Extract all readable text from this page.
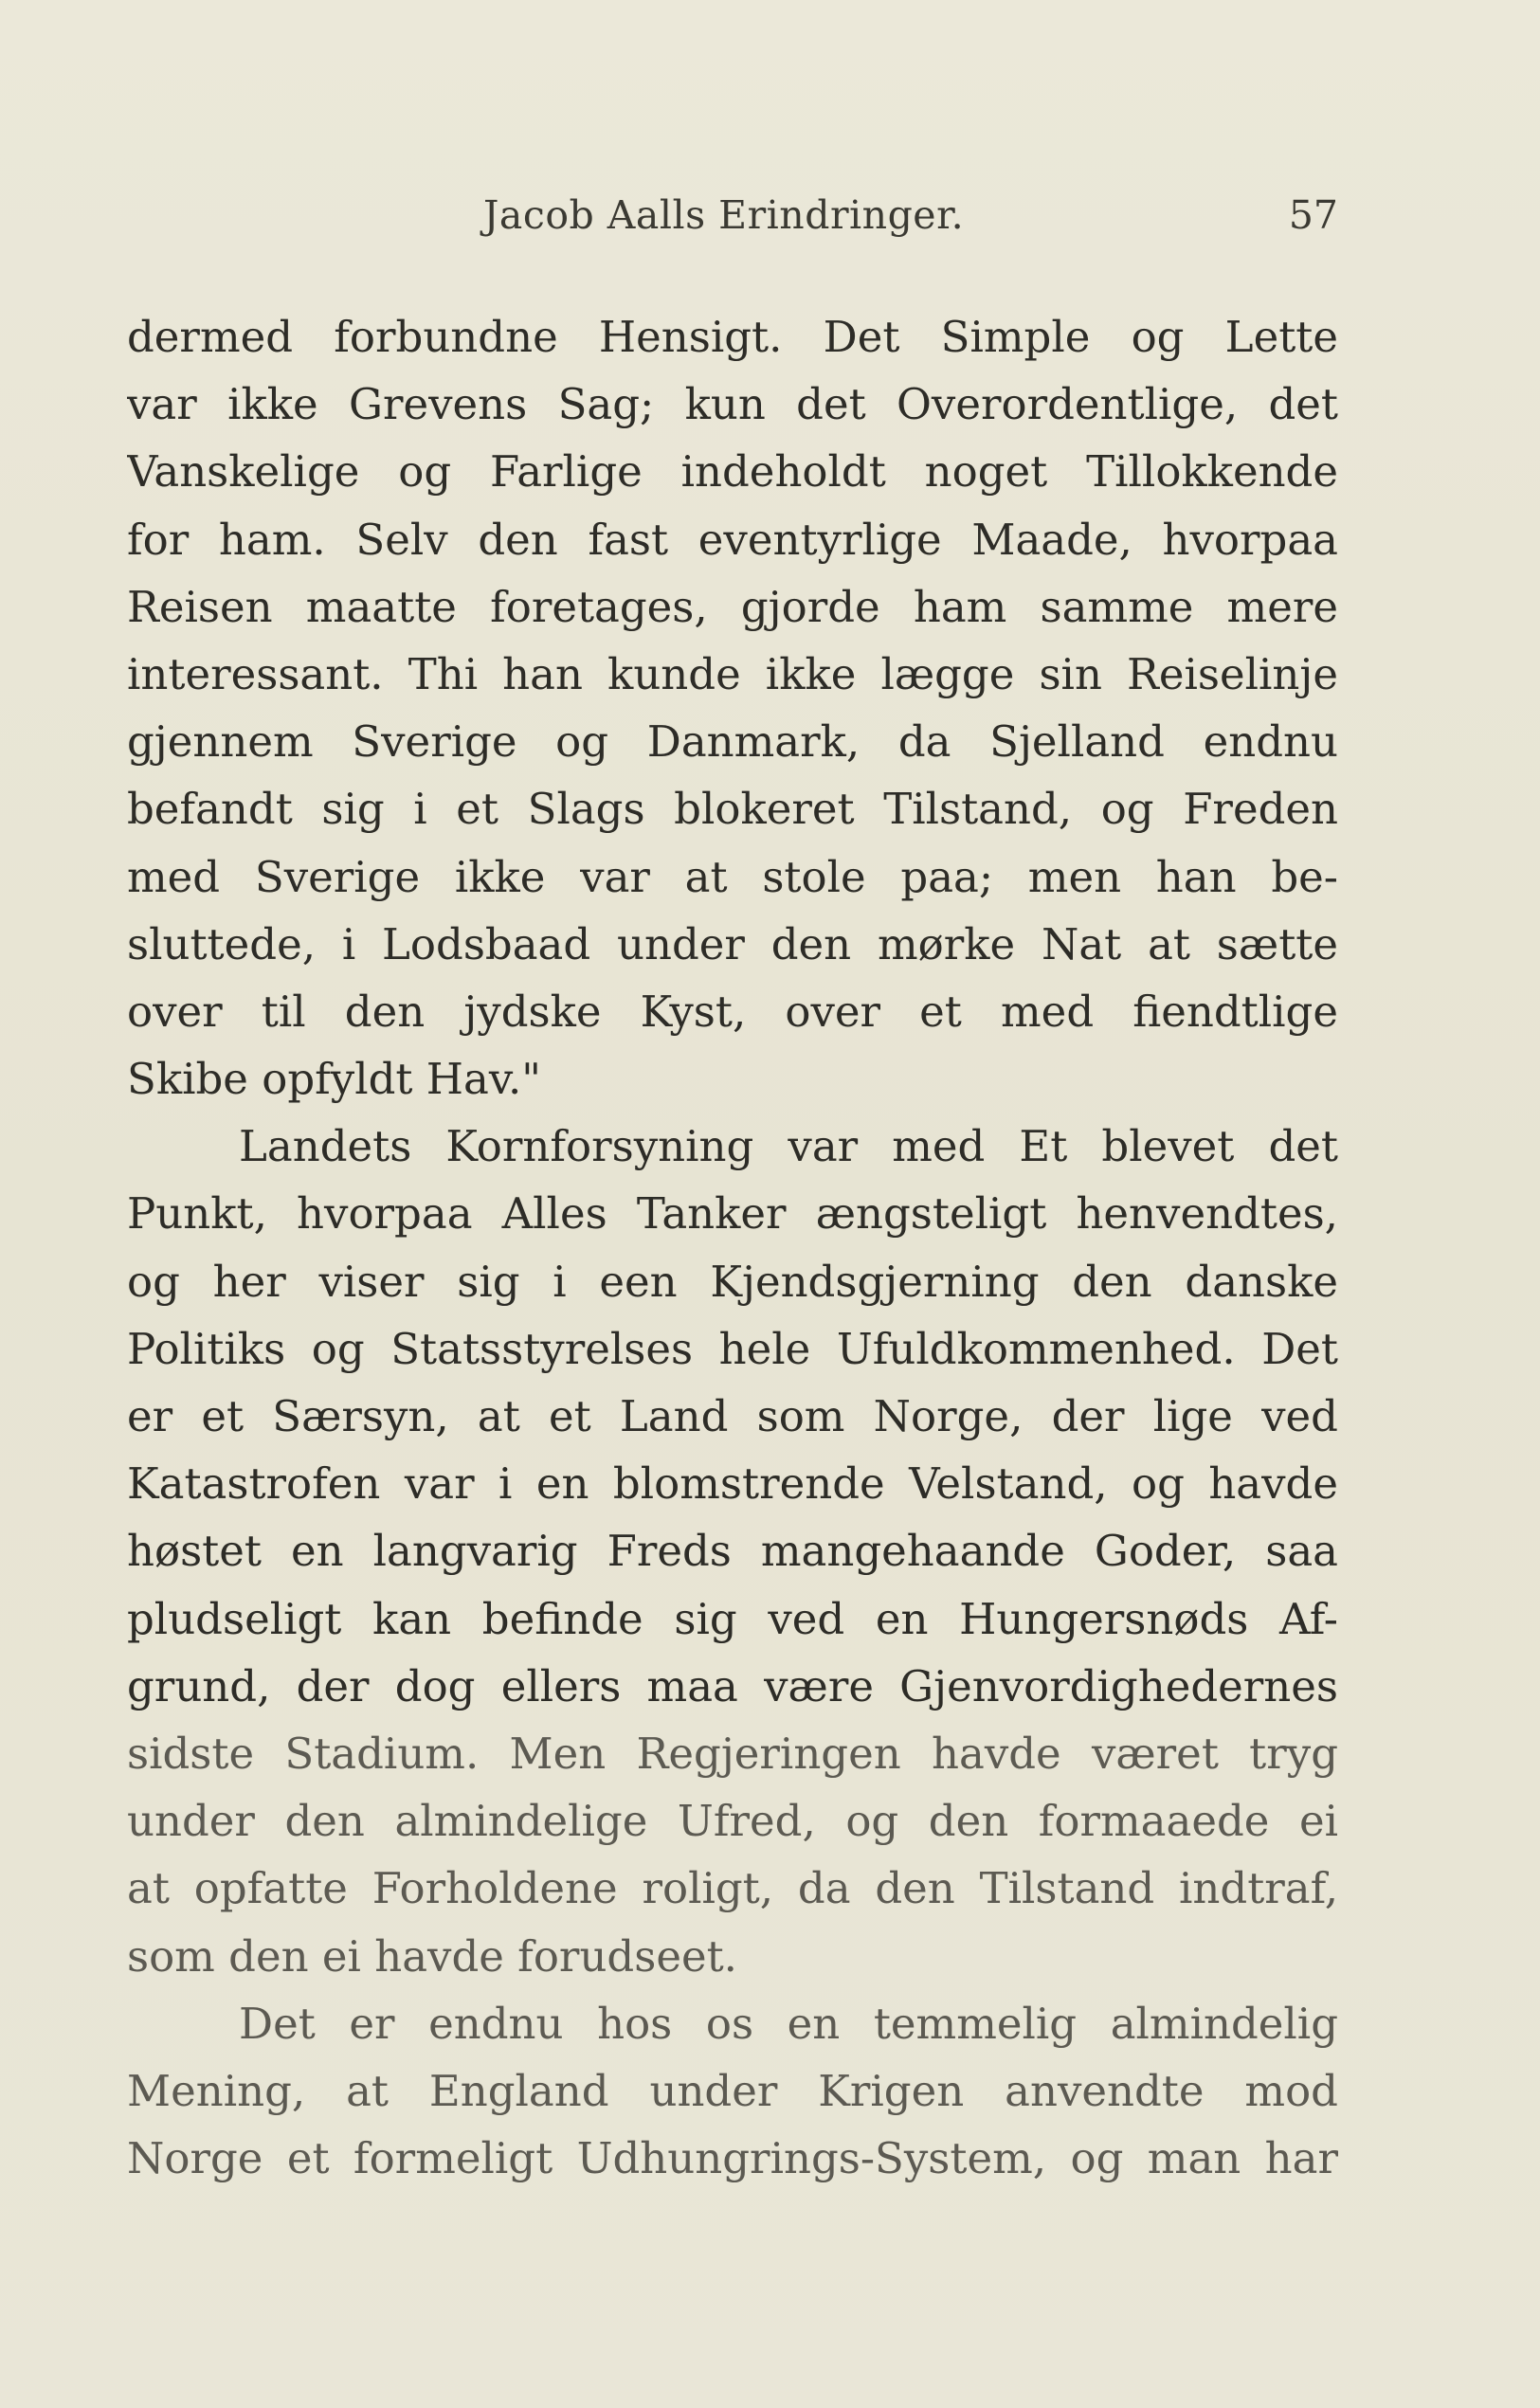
Jacob Aalls Erindringer.	57
dermed forbundne Hensigt. Det Simple og Lette
var ikke Grevens Sag; kun det Overordentlige, det
Vanskelige og Farlige indeholdt noget Tillokkende
for ham. Selv den fast eventyrlige Maade, hvorpaa
Reisen maatte foretages, gjorde ham samme mere
interessant. Thi han kunde ikke lægge sin Reiselinje
gjennem Sverige og Danmark, da Sjelland endnu
befandt sig i et Slags blokeret Tilstand, og Freden
med Sverige ikke var at stole paa; men han be-
sluttede, i Lodsbaad under den mørke Nat at sætte
over til den jydske Kyst, over et med fiendtlige
Skibe opfyldt Hav."
Landets Kornforsyning var med Et blevet det
Punkt, hvorpaa Alles Tanker ængsteligt henvendtes,
og her viser sig i een Kjendsgjerning den danske
Politiks og Statsstyrelses hele Ufuldkommenhed. Det
er et Særsyn, at et Land som Norge, der lige ved
Katastrofen var i en blomstrende Velstand, og havde
høstet en langvarig Freds mangehaande Goder, saa
pludseligt kan befinde sig ved en Hungersnøds Af-
grund, der dog ellers maa være Gjenvordighedernes
sidste Stadium. Men Regjeringen havde været tryg
under den almindelige Ufred, og den formaaede ei
at opfatte Forholdene roligt, da den Tilstand indtraf,
som den ei havde forudseet.
Det er endnu hos os en temmelig almindelig
Mening, at England under Krigen anvendte mod
Norge et formeligt Udhungrings-System, og man har
